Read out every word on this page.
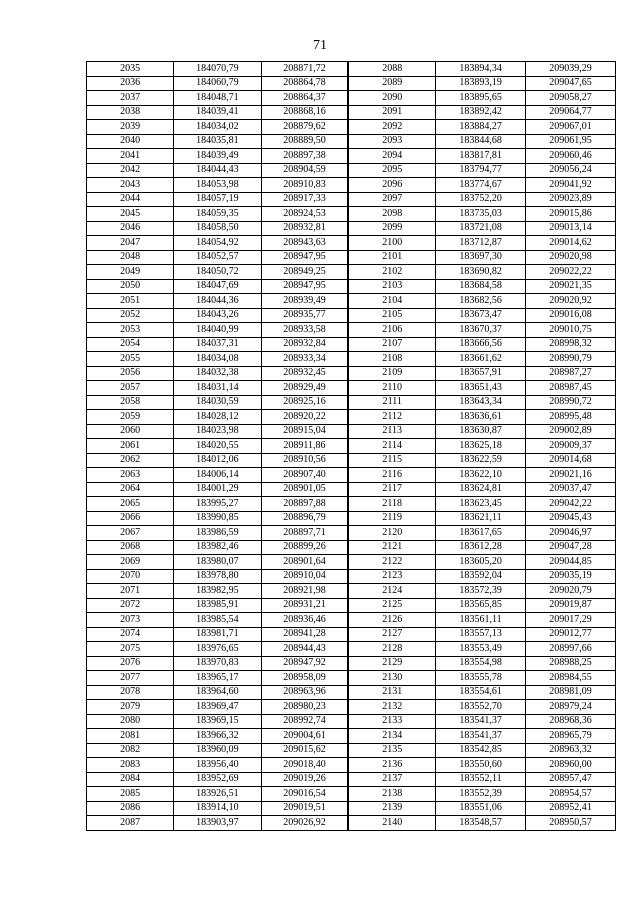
71
2035	184070,79	208871,72	2088	183894,34	209039,29
2036	184060,79	208864,78	2089	183893,19	209047,65
2037	184048,71	208864,37	2090	183895,65	209058,27
2038	184039,41	208868,16	2091	183892,42	209064,77
2039	184034,02	208879,62	2092	183884,27	209067,01
2040	184035,81	208889,50	2093	183844,68	209061,95
2041	184039,49	208897,38	2094	183817,81	209060,46
2042	184044,43	208904,59	2095	183794,77	209056,24
2043	184053,98	208910,83	2096	183774,67	209041,92
2044	184057,19	208917,33	2097	183752,20	209023,89
2045	184059,35	208924,53	2098	183735,03	209015,86
2046	184058,50	208932,81	2099	183721,08	209013,14
2047	184054,92	208943,63	2100	183712,87	209014,62
2048	184052,57	208947,95	2101	183697,30	209020,98
2049	184050,72	208949,25	2102	183690,82	209022,22
2050	184047,69	208947,95	2103	183684,58	209021,35
2051	184044,36	208939,49	2104	183682,56	209020,92
2052	184043,26	208935,77	2105	183673,47	209016,08
2053	184040,99	208933,58	2106	183670,37	209010,75
2054	184037,31	208932,84	2107	183666,56	208998,32
2055	184034,08	208933,34	2108	183661,62	208990,79
2056	184032,38	208932,45	2109	183657,91	208987,27
2057	184031,14	208929,49	2110	183651,43	208987,45
2058	184030,59	208925,16	2111	183643,34	208990,72
2059	184028,12	208920,22	2112	183636,61	208995,48
2060	184023,98	208915,04	2113	183630,87	209002,89
2061	184020,55	208911,86	2114	183625,18	209009,37
2062	184012,06	208910,56	2115	183622,59	209014,68
2063	184006,14	208907,40	2116	183622,10	209021,16
2064	184001,29	208901,05	2117	183624,81	209037,47
2065	183995,27	208897,88	2118	183623,45	209042,22
2066	183990,85	208896,79	2119	183621,11	209045,43
2067	183986,59	208897,71	2120	183617,65	209046,97
2068	183982,46	208899,26	2121	183612,28	209047,28
2069	183980,07	208901,64	2122	183605,20	209044,85
2070	183978,80	208910,04	2123	183592,04	209035,19
2071	183982,95	208921,98	2124	183572,39	209020,79
2072	183985,91	208931,21	2125	183565,85	209019,87
2073	183985,54	208936,46	2126	183561,11	209017,29
2074	183981,71	208941,28	2127	183557,13	209012,77
2075	183976,65	208944,43	2128	183553,49	208997,66
2076	183970,83	208947,92	2129	183554,98	208988,25
2077	183965,17	208958,09	2130	183555,78	208984,55
2078	183964,60	208963,96	2131	183554,61	208981,09
2079	183969,47	208980,23	2132	183552,70	208979,24
2080	183969,15	208992,74	2133	183541,37	208968,36
2081	183966,32	209004,61	2134	183541,37	208965,79
2082	183960,09	209015,62	2135	183542,85	208963,32
2083	183956,40	209018,40	2136	183550,60	208960,00
2084	183952,69	209019,26	2137	183552,11	208957,47
2085	183926,51	209016,54	2138	183552,39	208954,57
2086	183914,10	209019,51	2139	183551,06	208952,41
2087	183903,97	209026,92	2140	183548,57	208950,57
